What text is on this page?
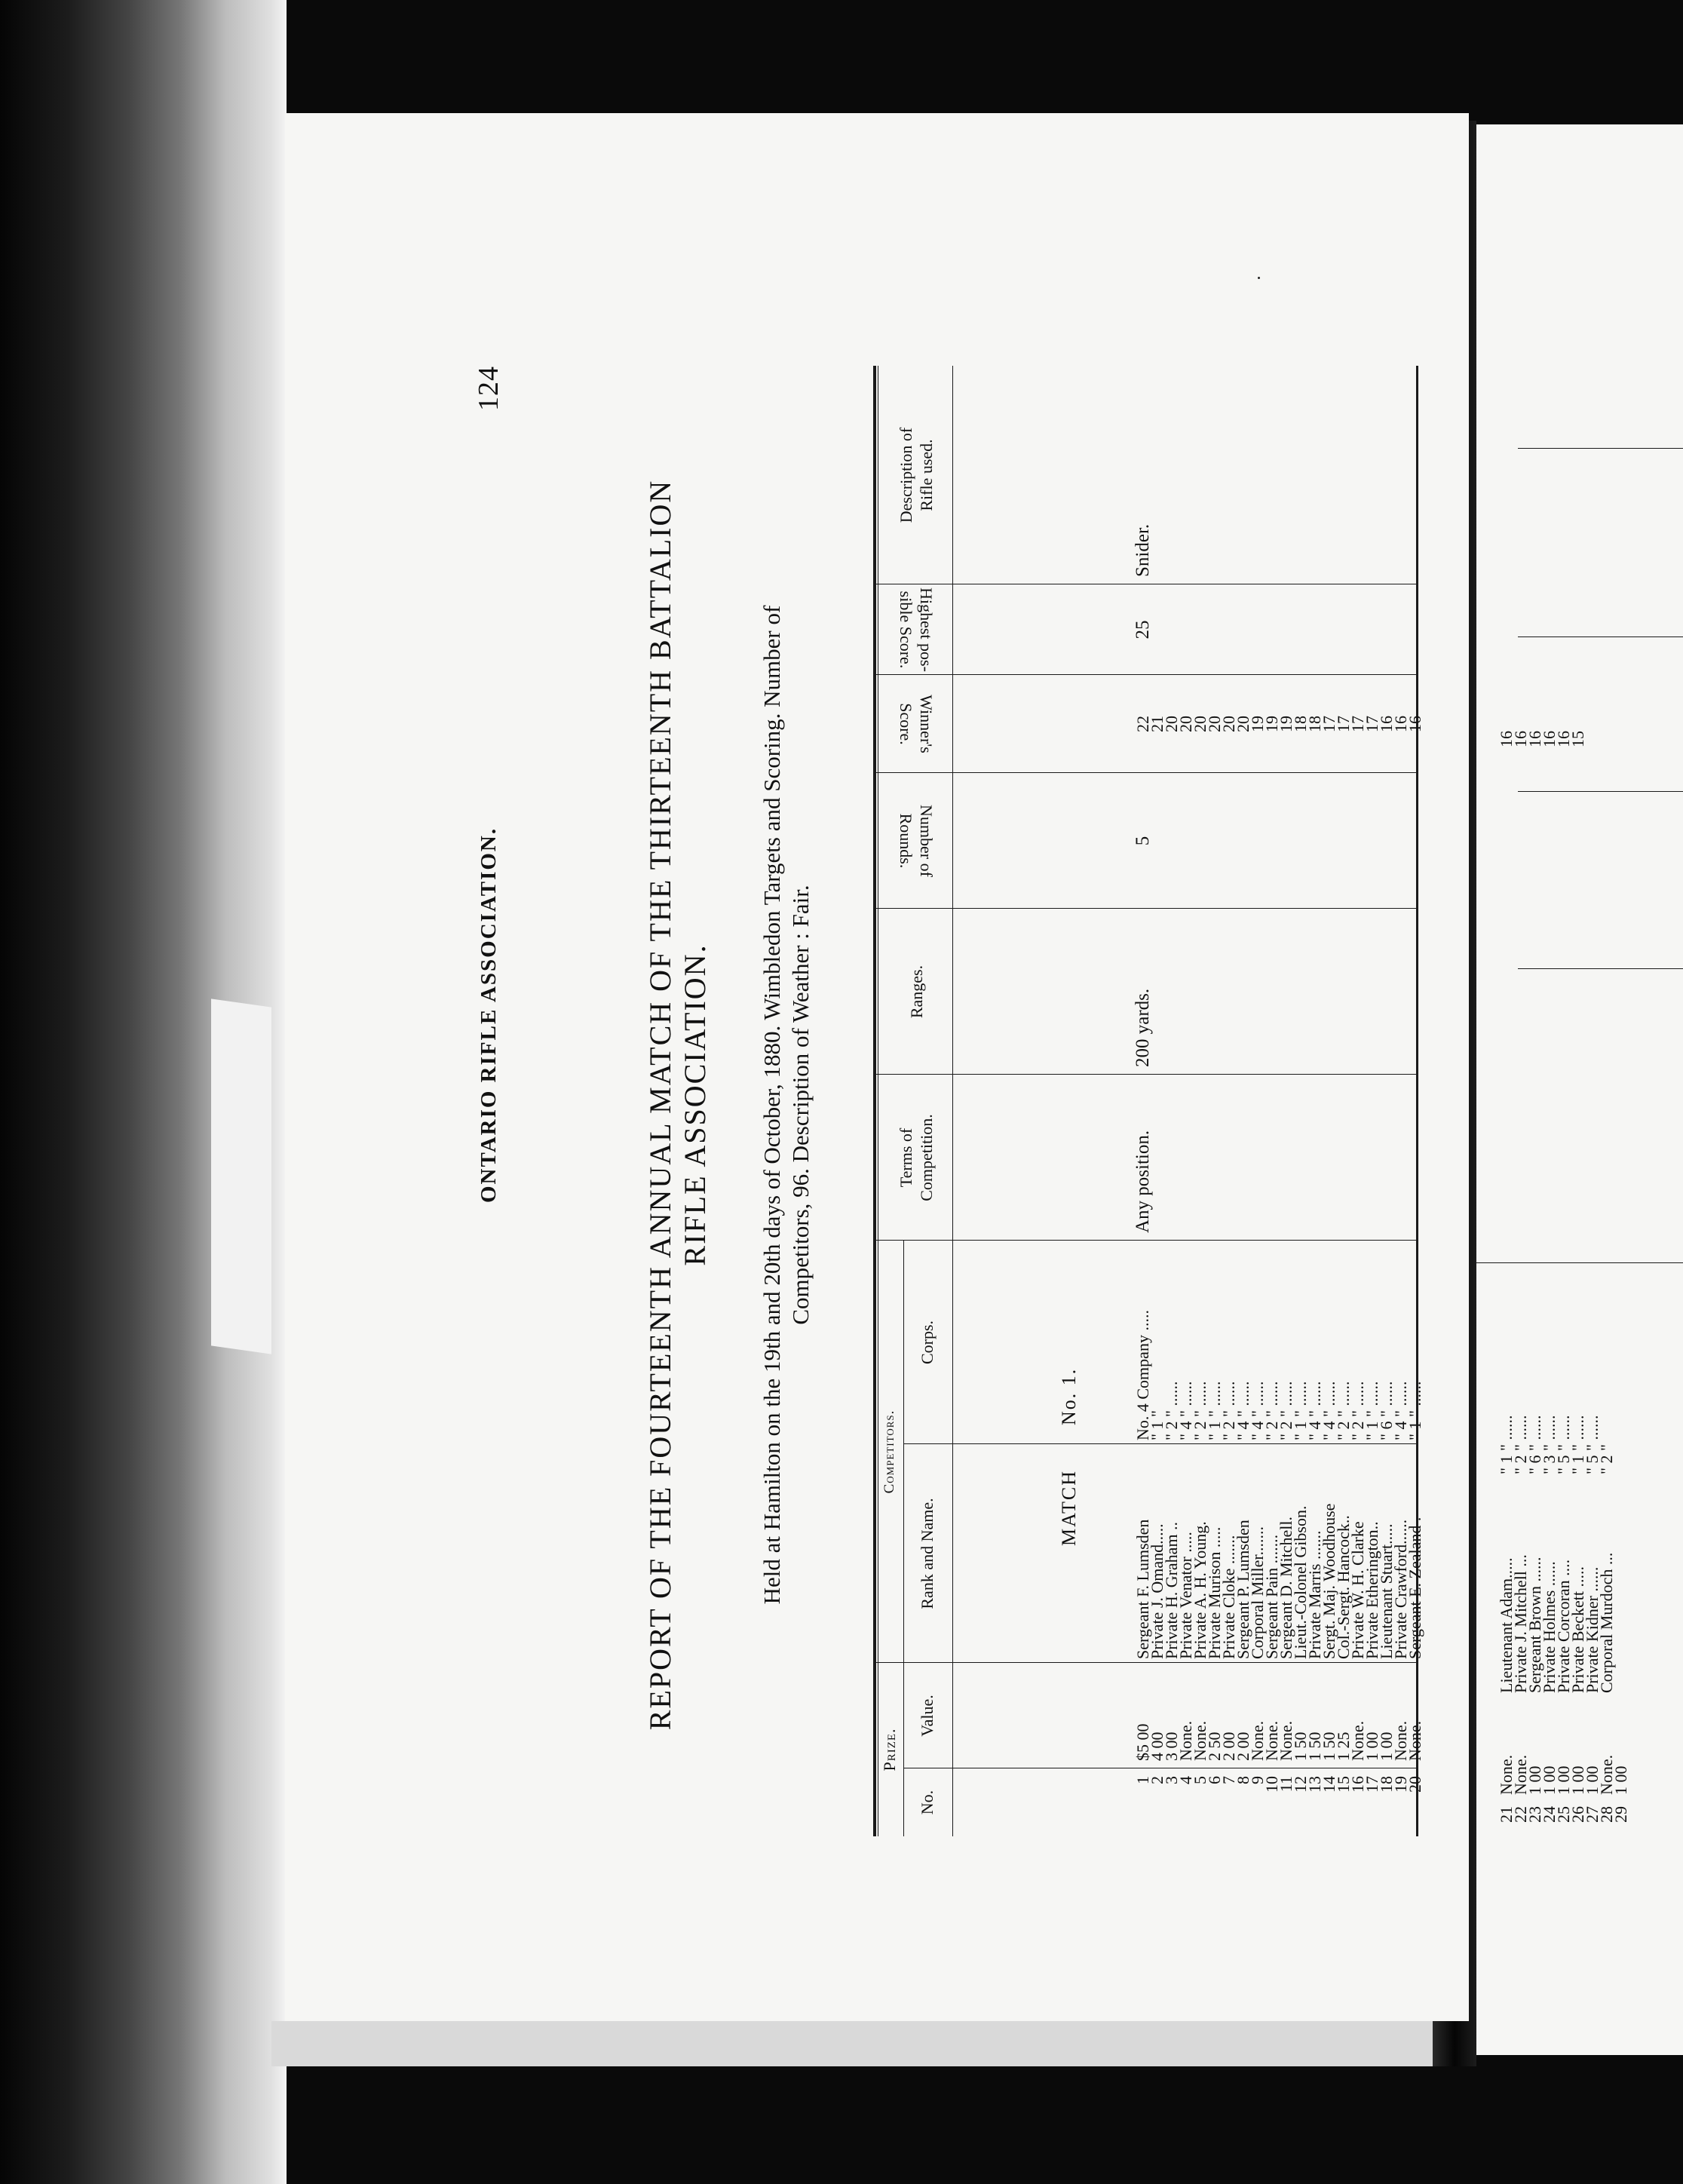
124
ONTARIO RIFLE ASSOCIATION.	REPORT OF THE FOURTEENTH ANNUAL MATCH OF THE THIRTEENTH BATTALION RIFLE ASSOCIATION. Held at Hamilton on the 19th and 20th days of October, 1880. Wimbledon Targets and Scoring. Number of Competitors, 96. Description of Weather : Fair.
Prize.
No.
Value.
Competitors.
Rank and Name.
Corps.
Terms of Competition.
Ranges.
Number of
Rounds.
Winner's
Score.
Highest pos-
sible Score.
Description of Rifle used.
MATCH
No. 1.
1
2
3
4
5
6
7
8
9
10
11
12
13
14
15
16
17
18
19
20
$5 00
4 00
3 00
None.
None.
2 50
2 00
2 00
None.
None.
None.
1 50
1 50
1 50
1 25
None.
1 00
1 00
None.
None.
Sergeant F. Lumsden
Private J. Omand.....
Private H. Graham ..
Private Venator .....
Private A. H. Young.
Private Murison .....
Private Cloke .......
Sergeant P. Lumsden
Corporal Miller.......
Sergeant Pain .......
Sergeant D. Mitchell.
Lieut.-Colonel Gibson.
Private Marris .......
Sergt. Maj. Woodhouse
Col.-Sergt. Hancock..
Private W. H. Clarke
Private Etherington..
Lieutenant Stuart.....
Private Crawford......
Sergeant E. Zealand .
No. 4 Company .....
" 1 "
" 2 " ......
" 4 " ......
" 2 " ......
" 1 " ......
" 2 " ......
" 4 " ......
" 4 " ......
" 2 " ......
" 2 " ......
" 1 " ......
" 4 " ......
" 4 " ......
" 2 " ......
" 2 " ......
" 1 " ......
" 6 " ......
" 4 " ......
" 1 " ......
22
21
20
20
20
20
20
20
19
19
19
18
18
17
17
17
17
16
16
16
Any position.
200 yards.
5
25
Snider.
21
22
23
24
25
26
27
28
29
None.
None.
1 00
1 00
1 00
1 00
1 00
None.
1 00
Lieutenant Adam.....
Private J. Mitchell ...
Sergeant Brown ......
Private Holmes ......
Private Corcoran ....
Private Beckett .....
Private Kidner ......
Corporal Murdoch ...
" 1 " ......
" 2 " ......
" 6 " ......
" 3 " ......
" 5 " ......
" 1 " ......
" 5 " ......
" 2 "
16
16
16
16
16
15
